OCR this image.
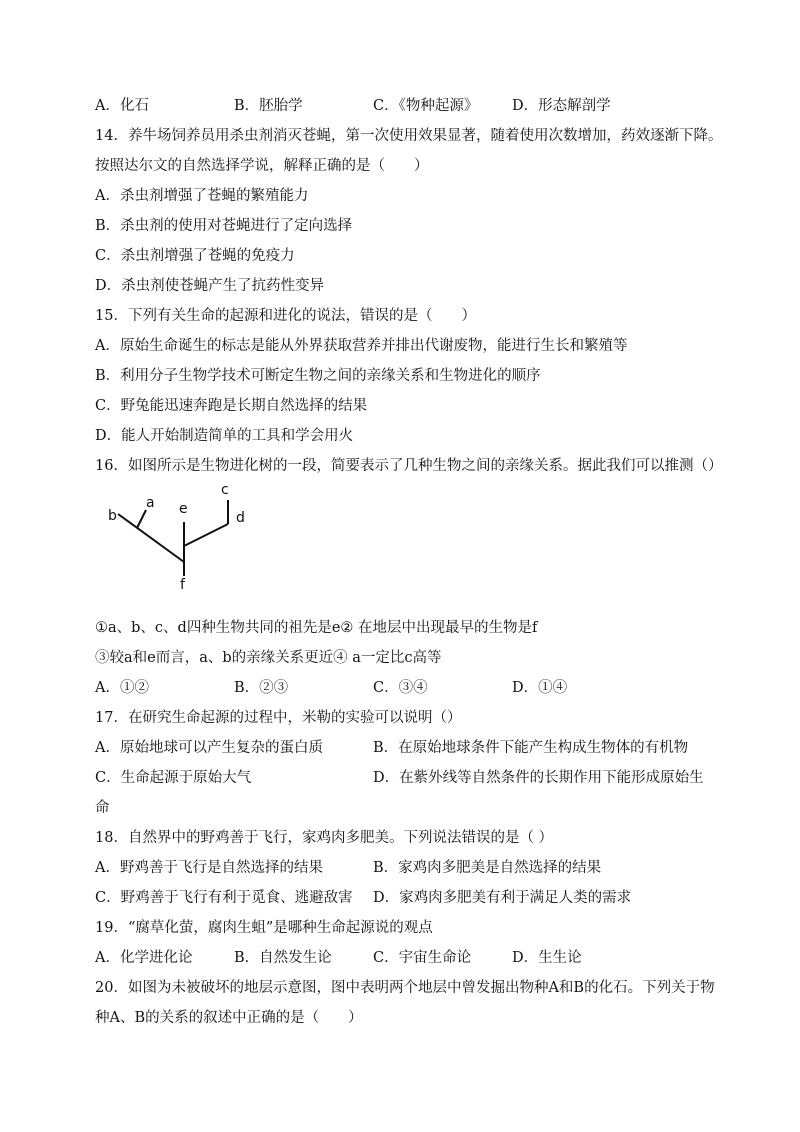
A．化石	B．胚胎学	C．《物种起源》 D．形态解剖学
14．养牛场饲养员用杀虫剂消灭苍蝇，第一次使用效果显著，随着使用次数增加，药效逐渐下降。
按照达尔文的自然选择学说，解释正确的是（　　）
A．杀虫剂增强了苍蝇的繁殖能力
B．杀虫剂的使用对苍蝇进行了定向选择
C．杀虫剂增强了苍蝇的免疫力
D．杀虫剂使苍蝇产生了抗药性变异
15．下列有关生命的起源和进化的说法，错误的是（　　）
A．原始生命诞生的标志是能从外界获取营养并排出代谢废物，能进行生长和繁殖等
B．利用分子生物学技术可断定生物之间的亲缘关系和生物进化的顺序
C．野兔能迅速奔跑是长期自然选择的结果
D．能人开始制造简单的工具和学会用火
16．如图所示是生物进化树的一段，简要表示了几种生物之间的亲缘关系。据此我们可以推测（）
a
b
c
d
e
f
①a、b、c、d四种生物共同的祖先是e② 在地层中出现最早的生物是f
③较a和e而言，a、b的亲缘关系更近④ a一定比c高等
A．①②	B．②③	C．③④	D．①④
17．在研究生命起源的过程中，米勒的实验可以说明（）
A．原始地球可以产生复杂的蛋白质	B．在原始地球条件下能产生构成生物体的有机物
C．生命起源于原始大气	D．在紫外线等自然条件的长期作用下能形成原始生
命
18．自然界中的野鸡善于飞行，家鸡肉多肥美。下列说法错误的是（ ）
A．野鸡善于飞行是自然选择的结果	B．家鸡肉多肥美是自然选择的结果
C．野鸡善于飞行有利于觅食、逃避敌害 D．家鸡肉多肥美有利于满足人类的需求
19．“腐草化萤，腐肉生蛆”是哪种生命起源说的观点
A．化学进化论	B．自然发生论	C．宇宙生命论	D．生生论
20．如图为未被破坏的地层示意图，图中表明两个地层中曾发掘出物种A和B的化石。下列关于物
种A、B的关系的叙述中正确的是（　　）
